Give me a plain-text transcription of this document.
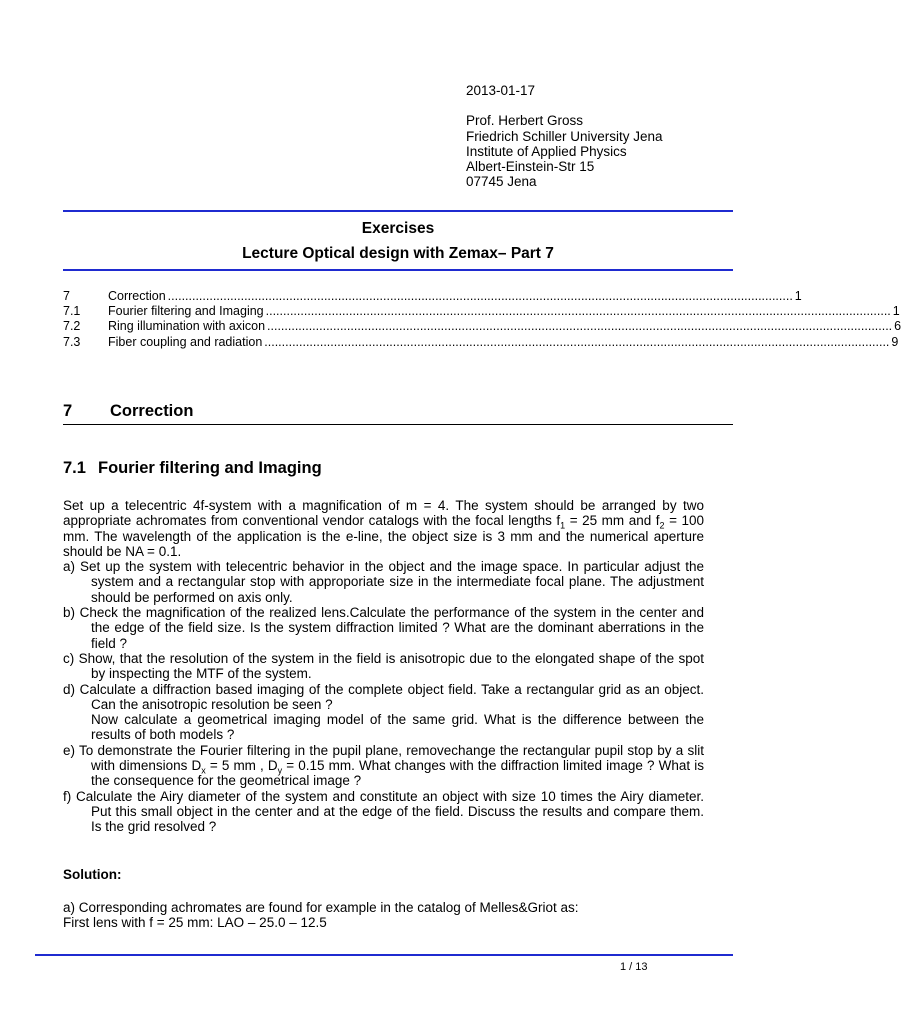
2013-01-17
Prof. Herbert Gross
Friedrich Schiller University Jena
Institute of Applied Physics
Albert-Einstein-Str 15
07745 Jena
Exercises
Lecture Optical design with Zemax– Part 7
7	Correction .................................................................................................................................................................................... 1
7.1	Fourier filtering and Imaging .................................................................................................................................................................................... 1
7.2	Ring illumination with axicon .................................................................................................................................................................................... 6
7.3	Fiber coupling and radiation .................................................................................................................................................................................... 9
7 Correction
7.1 Fourier filtering and Imaging
Set up a telecentric 4f-system with a magnification of m = 4. The system should be arranged by two appropriate achromates from conventional vendor catalogs with the focal lengths $f_1 = 25$ mm and $f_2 = 100$ mm. The wavelength of the application is the e-line, the object size is 3 mm and the numerical aperture should be NA = 0.1.
a) Set up the system with telecentric behavior in the object and the image space. In particular adjust the system and a rectangular stop with approporiate size in the intermediate focal plane. The adjustment should be performed on axis only.
b) Check the magnification of the realized lens.Calculate the performance of the system in the center and the edge of the field size. Is the system diffraction limited ? What are the dominant aberrations in the field ?
c) Show, that the resolution of the system in the field is anisotropic due to the elongated shape of the spot by inspecting the MTF of the system.
d) Calculate a diffraction based imaging of the complete object field. Take a rectangular grid as an object. Can the anisotropic resolution be seen ?
Now calculate a geometrical imaging model of the same grid. What is the difference between the results of both models ?
e) To demonstrate the Fourier filtering in the pupil plane, removechange the rectangular pupil stop by a slit with dimensions $D_x = 5$ mm , $D_y = 0.15$ mm. What changes with the diffraction limited image ? What is the consequence for the geometrical image ?
f) Calculate the Airy diameter of the system and constitute an object with size 10 times the Airy diameter. Put this small object in the center and at the edge of the field. Discuss the results and compare them. Is the grid resolved ?
Solution:
a) Corresponding achromates are found for example in the catalog of Melles&Griot as:
First lens with f = 25 mm: LAO – 25.0 – 12.5
1 / 13
